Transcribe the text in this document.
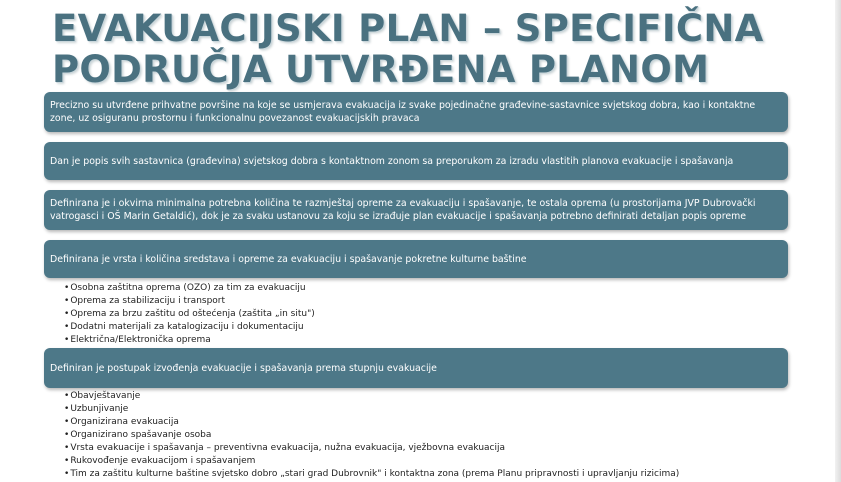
EVAKUACIJSKI PLAN – SPECIFIČNA
PODRUČJA UTVRĐENA PLANOM
Precizno su utvrđene prihvatne površine na koje se usmjerava evakuacija iz svake pojedinačne građevine-sastavnice svjetskog dobra, kao i kontaktne zone, uz osiguranu prostornu i funkcionalnu povezanost evakuacijskih pravaca
Dan je popis svih sastavnica (građevina) svjetskog dobra s kontaktnom zonom sa preporukom za izradu vlastitih planova evakuacije i spašavanja
Definirana je i okvirna minimalna potrebna količina te razmještaj opreme za evakuaciju i spašavanje, te ostala oprema (u prostorijama JVP Dubrovački vatrogasci i OŠ Marin Getaldić), dok je za svaku ustanovu za koju se izrađuje plan evakuacije i spašavanja potrebno definirati detaljan popis opreme
Definirana je vrsta i količina sredstava i opreme za evakuaciju i spašavanje pokretne kulturne baštine
• Osobna zaštitna oprema (OZO) za tim za evakuaciju
• Oprema za stabilizaciju i transport
• Oprema za brzu zaštitu od oštećenja (zaštita „in situ")
• Dodatni materijali za katalogizaciju i dokumentaciju
• Električna/Elektronička oprema
Definiran je postupak izvođenja evakuacije i spašavanja prema stupnju evakuacije
• Obavještavanje
• Uzbunjivanje
• Organizirana evakuacija
• Organizirano spašavanje osoba
• Vrsta evakuacije i spašavanja – preventivna evakuacija, nužna evakuacija, vježbovna evakuacija
• Rukovođenje evakuacijom i spašavanjem
• Tim za zaštitu kulturne baštine svjetsko dobro „stari grad Dubrovnik" i kontaktna zona (prema Planu pripravnosti i upravljanju rizicima)
